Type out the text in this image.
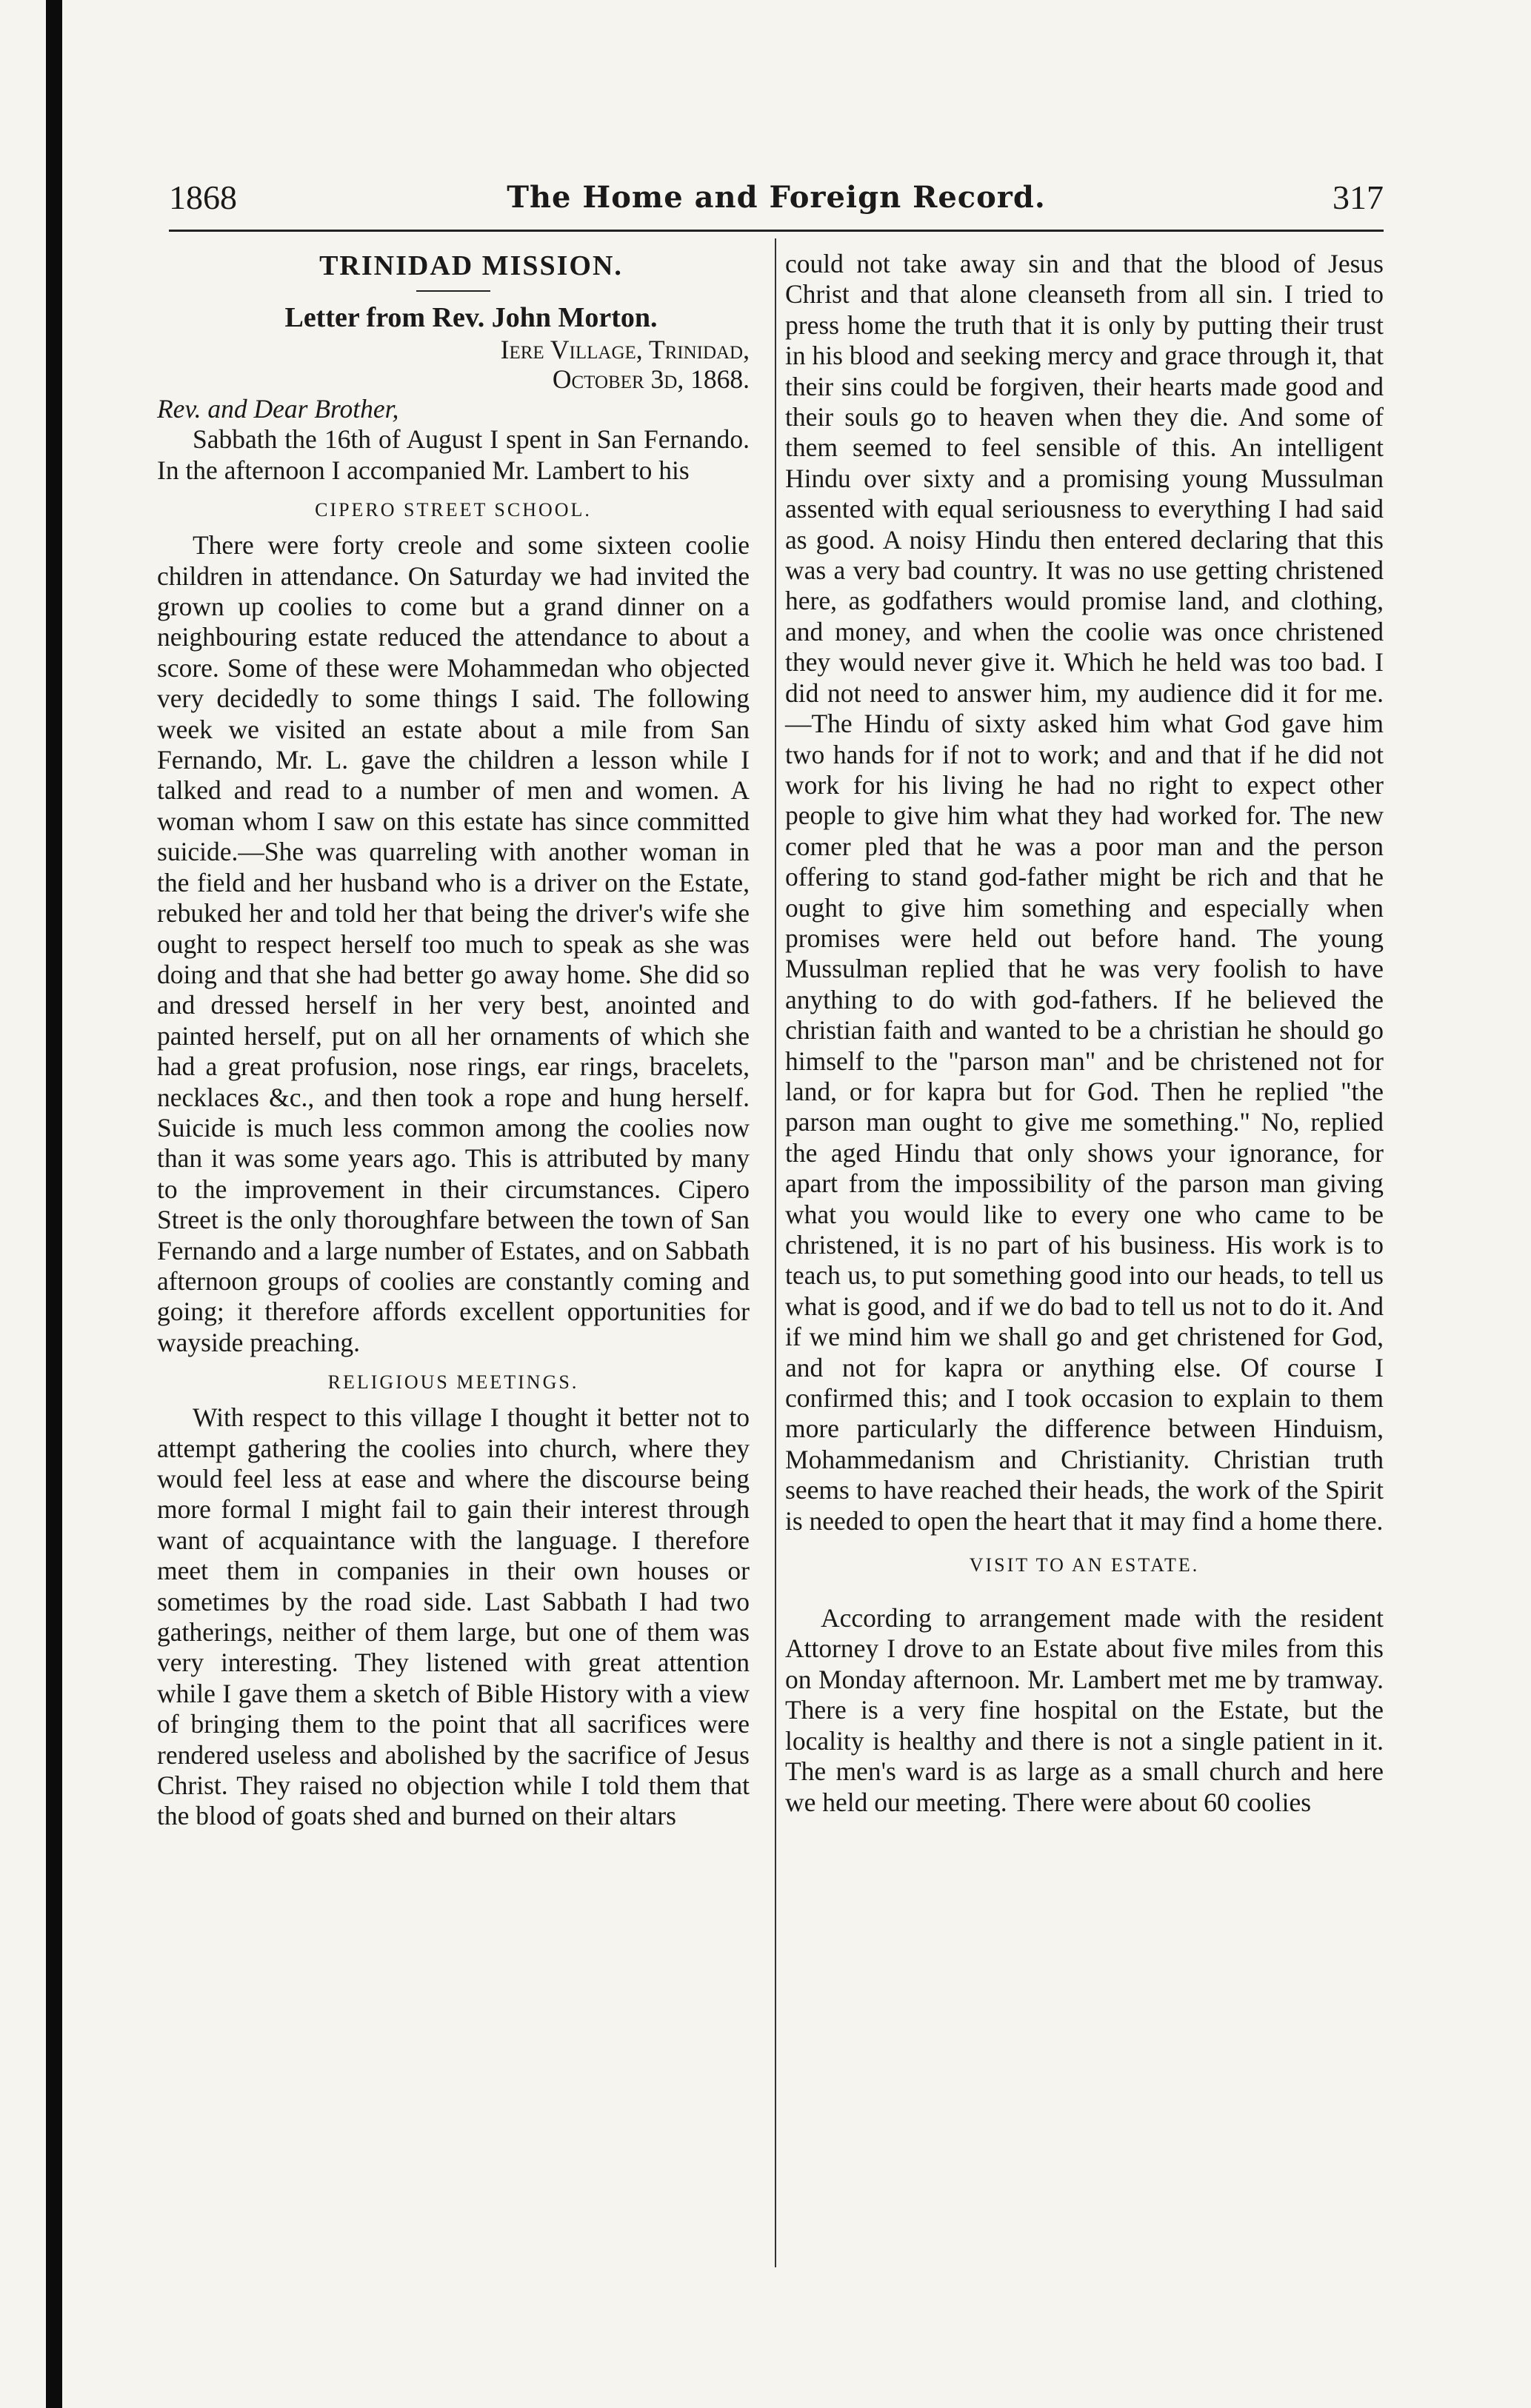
1868	The Home and Foreign Record.	317

TRINIDAD MISSION.

Letter from Rev. John Morton.

Iere Village, Trinidad,

October 3d, 1868.

Rev. and Dear Brother,

Sabbath the 16th of August I spent in San Fernando. In the afternoon I accompanied Mr. Lambert to his

CIPERO STREET SCHOOL.

There were forty creole and some sixteen coolie children in attendance. On Saturday we had invited the grown up coolies to come but a grand dinner on a neighbouring estate reduced the attendance to about a score. Some of these were Mohammedan who objected very decidedly to some things I said. The following week we visited an estate about a mile from San Fernando, Mr. L. gave the children a lesson while I talked and read to a number of men and women. A woman whom I saw on this estate has since committed suicide.—She was quarreling with another woman in the field and her husband who is a driver on the Estate, rebuked her and told her that being the driver's wife she ought to respect herself too much to speak as she was doing and that she had better go away home. She did so and dressed herself in her very best, anointed and painted herself, put on all her ornaments of which she had a great profusion, nose rings, ear rings, bracelets, necklaces &c., and then took a rope and hung herself. Suicide is much less common among the coolies now than it was some years ago. This is attributed by many to the improvement in their circumstances. Cipero Street is the only thoroughfare between the town of San Fernando and a large number of Estates, and on Sabbath afternoon groups of coolies are constantly coming and going; it therefore affords excellent opportunities for wayside preaching.

RELIGIOUS MEETINGS.

With respect to this village I thought it better not to attempt gathering the coolies into church, where they would feel less at ease and where the discourse being more formal I might fail to gain their interest through want of acquaintance with the language. I therefore meet them in companies in their own houses or sometimes by the road side. Last Sabbath I had two gatherings, neither of them large, but one of them was very interesting. They listened with great attention while I gave them a sketch of Bible History with a view of bringing them to the point that all sacrifices were rendered useless and abolished by the sacrifice of Jesus Christ. They raised no objection while I told them that the blood of goats shed and burned on their altars

could not take away sin and that the blood of Jesus Christ and that alone cleanseth from all sin. I tried to press home the truth that it is only by putting their trust in his blood and seeking mercy and grace through it, that their sins could be forgiven, their hearts made good and their souls go to heaven when they die. And some of them seemed to feel sensible of this. An intelligent Hindu over sixty and a promising young Mussulman assented with equal seriousness to everything I had said as good. A noisy Hindu then entered declaring that this was a very bad country. It was no use getting christened here, as godfathers would promise land, and clothing, and money, and when the coolie was once christened they would never give it. Which he held was too bad. I did not need to answer him, my audience did it for me.—The Hindu of sixty asked him what God gave him two hands for if not to work; and and that if he did not work for his living he had no right to expect other people to give him what they had worked for. The new comer pled that he was a poor man and the person offering to stand god-father might be rich and that he ought to give him something and especially when promises were held out before hand. The young Mussulman replied that he was very foolish to have anything to do with god-fathers. If he believed the christian faith and wanted to be a christian he should go himself to the "parson man" and be christened not for land, or for kapra but for God. Then he replied "the parson man ought to give me something." No, replied the aged Hindu that only shows your ignorance, for apart from the impossibility of the parson man giving what you would like to every one who came to be christened, it is no part of his business. His work is to teach us, to put something good into our heads, to tell us what is good, and if we do bad to tell us not to do it. And if we mind him we shall go and get christened for God, and not for kapra or anything else. Of course I confirmed this; and I took occasion to explain to them more particularly the difference between Hinduism, Mohammedanism and Christianity. Christian truth seems to have reached their heads, the work of the Spirit is needed to open the heart that it may find a home there.

VISIT TO AN ESTATE.

According to arrangement made with the resident Attorney I drove to an Estate about five miles from this on Monday afternoon. Mr. Lambert met me by tramway. There is a very fine hospital on the Estate, but the locality is healthy and there is not a single patient in it. The men's ward is as large as a small church and here we held our meeting. There were about 60 coolies
